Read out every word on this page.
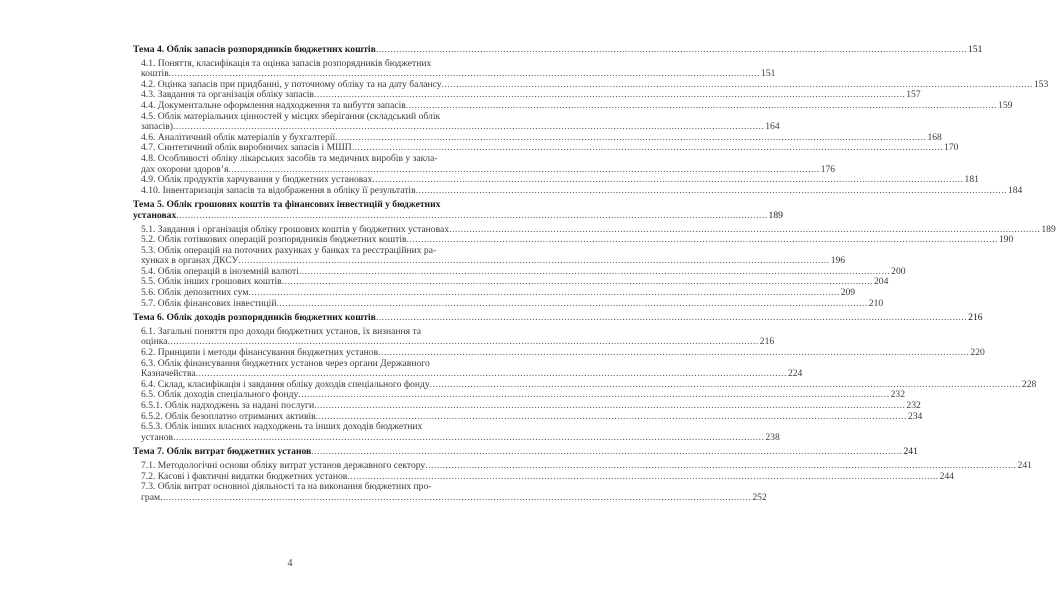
Тема 4. Облік запасів розпорядників бюджетних коштів .....	151
4.1. Поняття, класифікація та оцінка запасів розпорядників бюджетних
коштів .....	151
4.2. Оцінка запасів при придбанні, у поточному обліку та на дату балансу .....	153
4.3. Завдання та організація обліку запасів .....	157
4.4. Документальне оформлення надходження та вибуття запасів .....	159
4.5. Облік матеріальних цінностей у місцях зберігання (складський облік
запасів) .....	164
4.6. Аналітичний облік матеріалів у бухгалтерії .....	168
4.7. Синтетичний облік виробничих запасів і МШП .....	170
4.8. Особливості обліку лікарських засобів та медичних виробів у закла-
дах охорони здоров’я .....	176
4.9. Облік продуктів харчування у бюджетних установах .....	181
4.10. Інвентаризація запасів та відображення в обліку її результатів .....	184
Тема 5. Облік грошових коштів та фінансових інвестицій у бюджетних
установах .....	189
5.1. Завдання і організація обліку грошових коштів у бюджетних установах .....	189
5.2. Облік готівкових операцій розпорядників бюджетних коштів .....	190
5.3. Облік операцій на поточних рахунках у банках та реєстраційних ра-
хунках в органах ДКСУ .....	196
5.4. Облік операцій в іноземній валюті .....	200
5.5. Облік інших грошових коштів .....	204
5.6. Облік депозитних сум .....	209
5.7. Облік фінансових інвестицій .....	210
Тема 6. Облік доходів розпорядників бюджетних коштів .....	216
6.1. Загальні поняття про доходи бюджетних установ, їх визнання та
оцінка .....	216
6.2. Принципи і методи фінансування бюджетних установ .....	220
6.3. Облік фінансування бюджетних установ через органи Державного
Казначейства .....	224
6.4. Склад, класифікація і завдання обліку доходів спеціального фонду .....	228
6.5. Облік доходів спеціального фонду .....	232
6.5.1. Облік надходжень за надані послуги .....	232
6.5.2. Облік безоплатно отриманих активів .....	234
6.5.3. Облік інших власних надходжень та інших доходів бюджетних
установ .....	238
Тема 7. Облік витрат бюджетних установ .....	241
7.1. Методологічні основи обліку витрат установ державного сектору .....	241
7.2. Касові і фактичні видатки бюджетних установ .....	244
7.3. Облік витрат основної діяльності та на виконання бюджетних про-
грам .....	252
4
